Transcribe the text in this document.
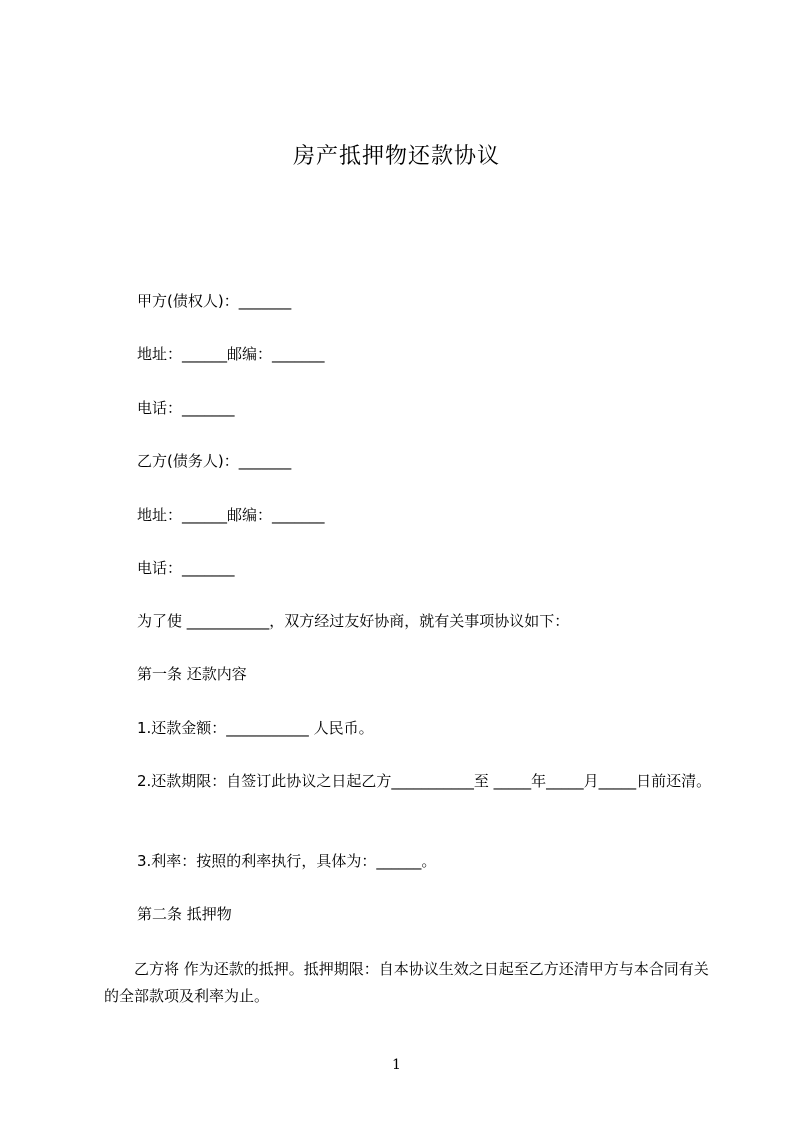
房产抵押物还款协议
甲方(债权人)：_______
地址：______邮编：_______
电话：_______
乙方(债务人)：_______
地址：______邮编：_______
电话：_______
为了使 ___________，双方经过友好协商，就有关事项协议如下：
第一条 还款内容
1.还款金额：___________ 人民币。
2.还款期限：自签订此协议之日起乙方___________至 _____年_____月_____日前还清。
3.利率：按照的利率执行，具体为：______。
第二条 抵押物
乙方将 作为还款的抵押。抵押期限：自本协议生效之日起至乙方还清甲方与本合同有关的全部款项及利率为止。
1
